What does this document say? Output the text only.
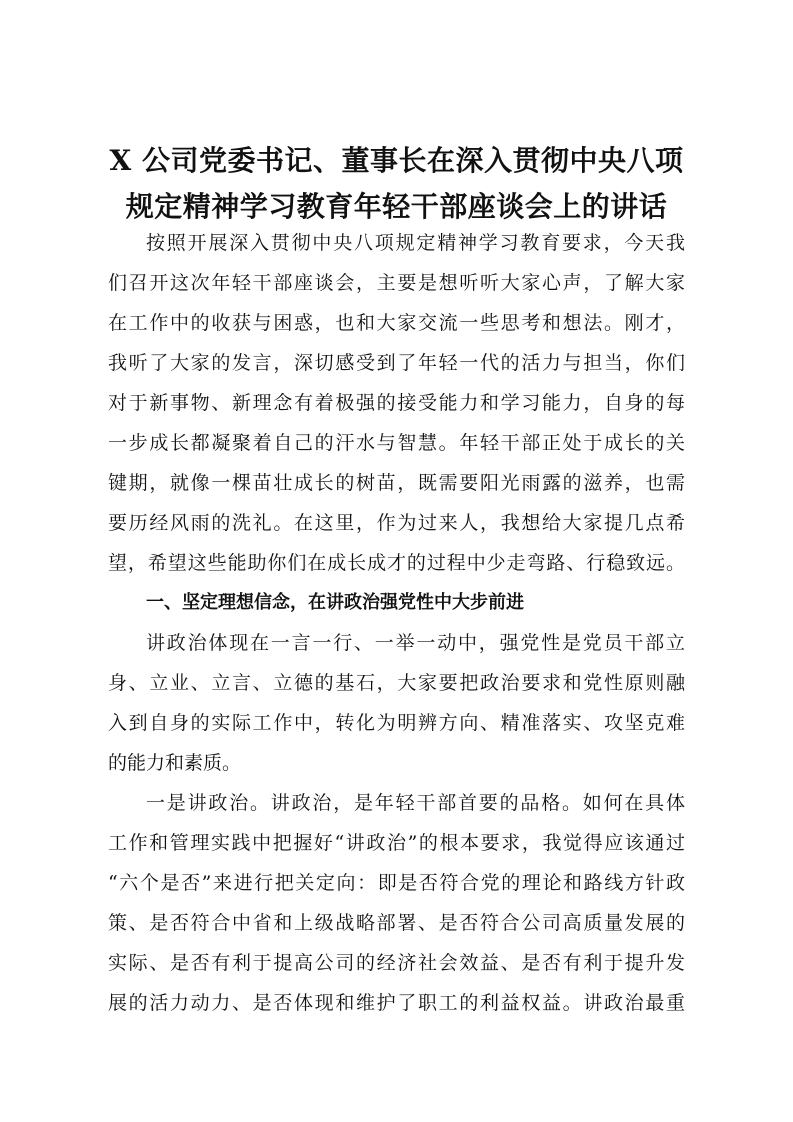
X 公司党委书记、董事长在深入贯彻中央八项
规定精神学习教育年轻干部座谈会上的讲话
按照开展深入贯彻中央八项规定精神学习教育要求，今天我
们召开这次年轻干部座谈会，主要是想听听大家心声，了解大家
在工作中的收获与困惑，也和大家交流一些思考和想法。刚才，
我听了大家的发言，深切感受到了年轻一代的活力与担当，你们
对于新事物、新理念有着极强的接受能力和学习能力，自身的每
一步成长都凝聚着自己的汗水与智慧。年轻干部正处于成长的关
键期，就像一棵苗壮成长的树苗，既需要阳光雨露的滋养，也需
要历经风雨的洗礼。在这里，作为过来人，我想给大家提几点希
望，希望这些能助你们在成长成才的过程中少走弯路、行稳致远。
一、坚定理想信念，在讲政治强党性中大步前进
讲政治体现在一言一行、一举一动中，强党性是党员干部立
身、立业、立言、立德的基石，大家要把政治要求和党性原则融
入到自身的实际工作中，转化为明辨方向、精准落实、攻坚克难
的能力和素质。
一是讲政治。讲政治，是年轻干部首要的品格。如何在具体
工作和管理实践中把握好“讲政治”的根本要求，我觉得应该通过
“六个是否”来进行把关定向：即是否符合党的理论和路线方针政
策、是否符合中省和上级战略部署、是否符合公司高质量发展的
实际、是否有利于提高公司的经济社会效益、是否有利于提升发
展的活力动力、是否体现和维护了职工的利益权益。讲政治最重
